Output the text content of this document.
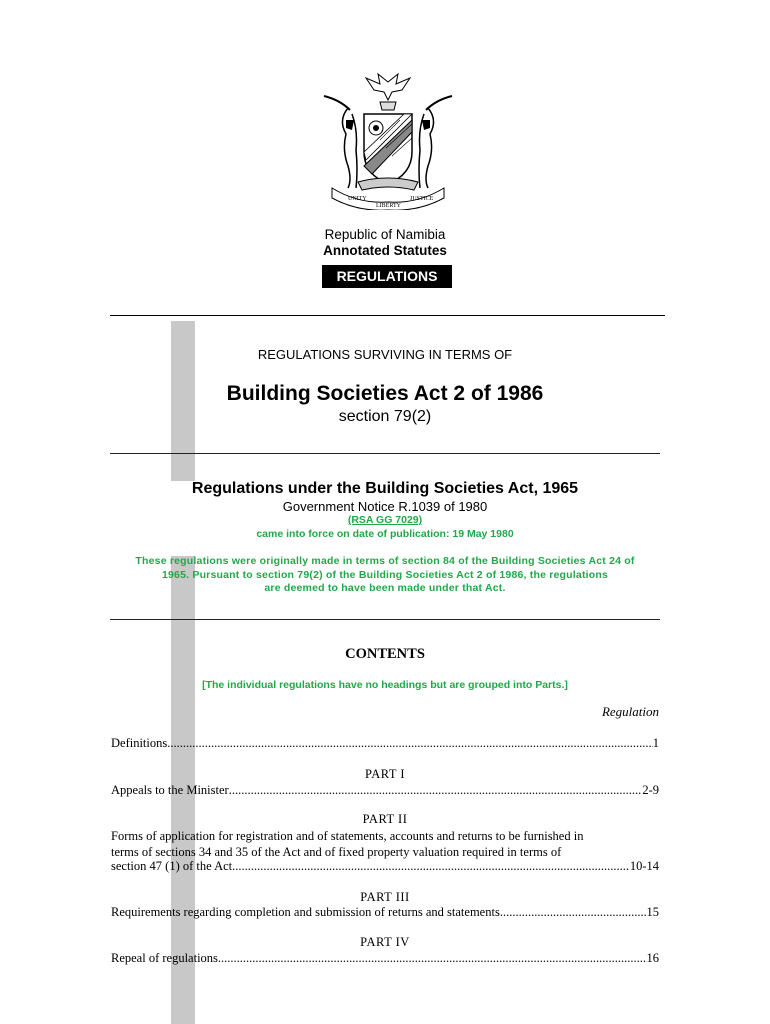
UNITY
LIBERTY
JUSTICE
Republic of Namibia
Annotated Statutes
REGULATIONS
REGULATIONS SURVIVING IN TERMS OF
Building Societies Act 2 of 1986
section 79(2)
Regulations under the Building Societies Act, 1965
Government Notice R.1039 of 1980
(RSA GG 7029)
came into force on date of publication: 19 May 1980
These regulations were originally made in terms of section 84 of the Building Societies Act 24 of
1965. Pursuant to section 79(2) of the Building Societies Act 2 of 1986, the regulations
are deemed to have been made under that Act.
CONTENTS
[The individual regulations have no headings but are grouped into Parts.]
Regulation
Definitions .....	1
PART I
Appeals to the Minister .....	2-9
PART II
Forms of application for registration and of statements, accounts and returns to be furnished in
terms of sections 34 and 35 of the Act and of fixed property valuation required in terms of
section 47 (1) of the Act .....	10-14
PART III
Requirements regarding completion and submission of returns and statements .....	15
PART IV
Repeal of regulations .....	16
